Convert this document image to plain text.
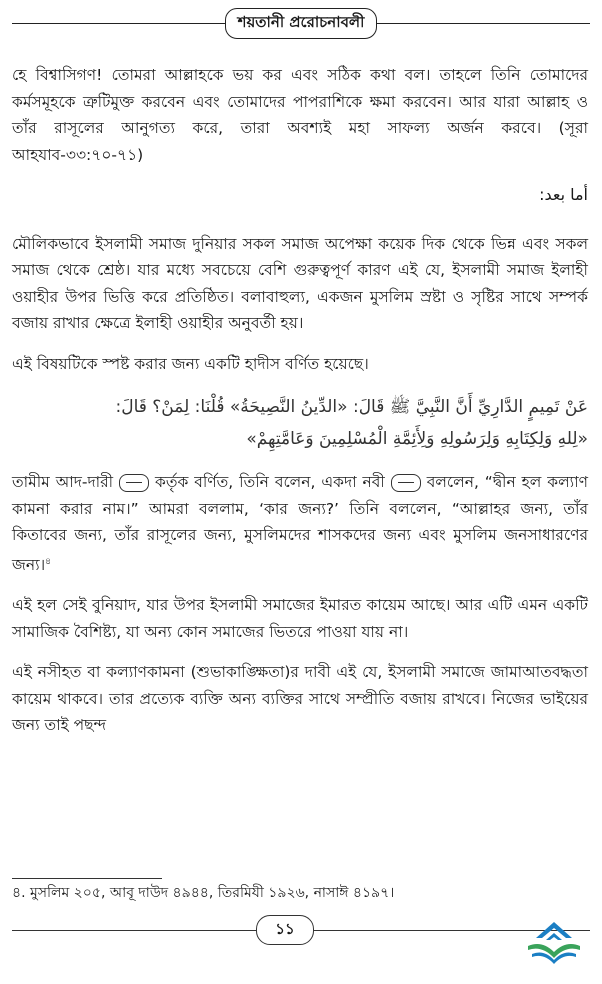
শয়তানী প্ররোচনাবলী

হে বিশ্বাসিগণ! তোমরা আল্লাহকে ভয় কর এবং সঠিক কথা বল। তাহলে তিনি তোমাদের কর্মসমূহকে ত্রুটিমুক্ত করবেন এবং তোমাদের পাপরাশিকে ক্ষমা করবেন। আর যারা আল্লাহ ও তাঁর রাসূলের আনুগত্য করে, তারা অবশ্যই মহা সাফল্য অর্জন করবে। (সূরা আহযাব-৩৩:৭০-৭১)

أما بعد:

মৌলিকভাবে ইসলামী সমাজ দুনিয়ার সকল সমাজ অপেক্ষা কয়েক দিক থেকে ভিন্ন এবং সকল সমাজ থেকে শ্রেষ্ঠ। যার মধ্যে সবচেয়ে বেশি গুরুত্বপূর্ণ কারণ এই যে, ইসলামী সমাজ ইলাহী ওয়াহীর উপর ভিত্তি করে প্রতিষ্ঠিত। বলাবাহুল্য, একজন মুসলিম স্রষ্টা ও সৃষ্টির সাথে সম্পর্ক বজায় রাখার ক্ষেত্রে ইলাহী ওয়াহীর অনুবর্তী হয়।

এই বিষয়টিকে স্পষ্ট করার জন্য একটি হাদীস বর্ণিত হয়েছে।

عَنْ تَمِيمٍ الدَّارِيِّ أَنَّ النَّبِيَّ ﷺ قَالَ: «الدِّينُ النَّصِيحَةُ» قُلْنَا: لِمَنْ؟ قَالَ:
«لِلهِ وَلِكِتَابِهِ وَلِرَسُولِهِ وَلِأَئِمَّةِ الْمُسْلِمِينَ وَعَامَّتِهِمْ»

তামীম আদ-দারী	কর্তৃক বর্ণিত, তিনি বলেন, একদা নবী	বললেন, “দ্বীন হল কল্যাণ কামনা করার নাম।” আমরা বললাম, ‘কার জন্য?’ তিনি বললেন, “আল্লাহর জন্য, তাঁর কিতাবের জন্য, তাঁর রাসূলের জন্য, মুসলিমদের শাসকদের জন্য এবং মুসলিম জনসাধারণের জন্য।$^৪$

এই হল সেই বুনিয়াদ, যার উপর ইসলামী সমাজের ইমারত কায়েম আছে। আর এটি এমন একটি সামাজিক বৈশিষ্ট্য, যা অন্য কোন সমাজের ভিতরে পাওয়া যায় না।

এই নসীহত বা কল্যাণকামনা (শুভাকাঙ্ক্ষিতা)র দাবী এই যে, ইসলামী সমাজে জামাআতবদ্ধতা কায়েম থাকবে। তার প্রত্যেক ব্যক্তি অন্য ব্যক্তির সাথে সম্প্রীতি বজায় রাখবে। নিজের ভাইয়ের জন্য তাই পছন্দ

৪. মুসলিম ২০৫, আবূ দাউদ ৪৯৪৪, তিরমিযী ১৯২৬, নাসাঈ ৪১৯৭।
১১
